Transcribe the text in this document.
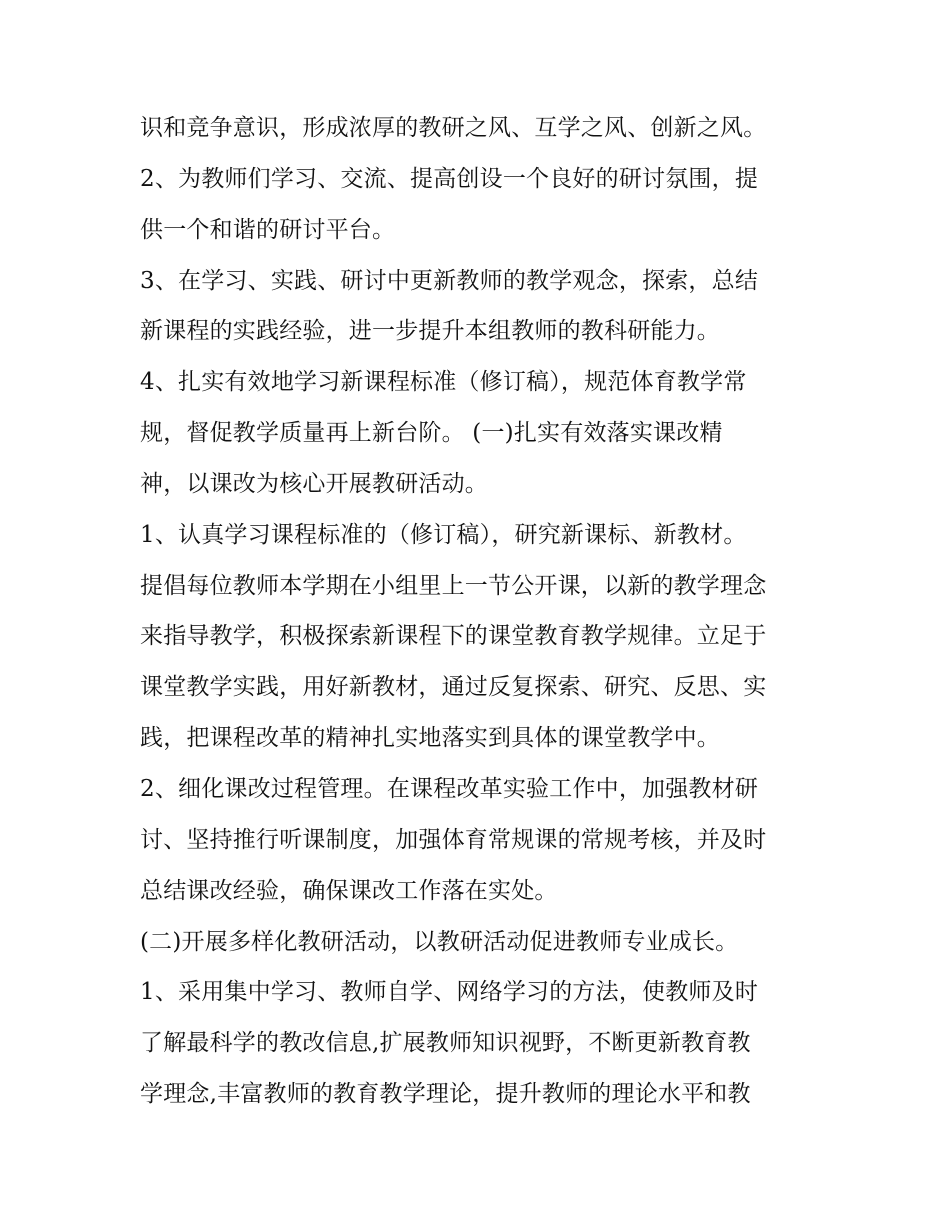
识和竞争意识，形成浓厚的教研之风、互学之风、创新之风。
2、为教师们学习、交流、提高创设一个良好的研讨氛围，提
供一个和谐的研讨平台。
3、在学习、实践、研讨中更新教师的教学观念，探索，总结
新课程的实践经验，进一步提升本组教师的教科研能力。
4、扎实有效地学习新课程标准（修订稿），规范体育教学常
规，督促教学质量再上新台阶。 (一)扎实有效落实课改精
神，以课改为核心开展教研活动。
1、认真学习课程标准的（修订稿），研究新课标、新教材。
提倡每位教师本学期在小组里上一节公开课，以新的教学理念
来指导教学，积极探索新课程下的课堂教育教学规律。立足于
课堂教学实践，用好新教材，通过反复探索、研究、反思、实
践，把课程改革的精神扎实地落实到具体的课堂教学中。
2、细化课改过程管理。在课程改革实验工作中，加强教材研
讨、坚持推行听课制度，加强体育常规课的常规考核，并及时
总结课改经验，确保课改工作落在实处。
(二)开展多样化教研活动，以教研活动促进教师专业成长。
1、采用集中学习、教师自学、网络学习的方法，使教师及时
了解最科学的教改信息,扩展教师知识视野，不断更新教育教
学理念,丰富教师的教育教学理论，提升教师的理论水平和教
